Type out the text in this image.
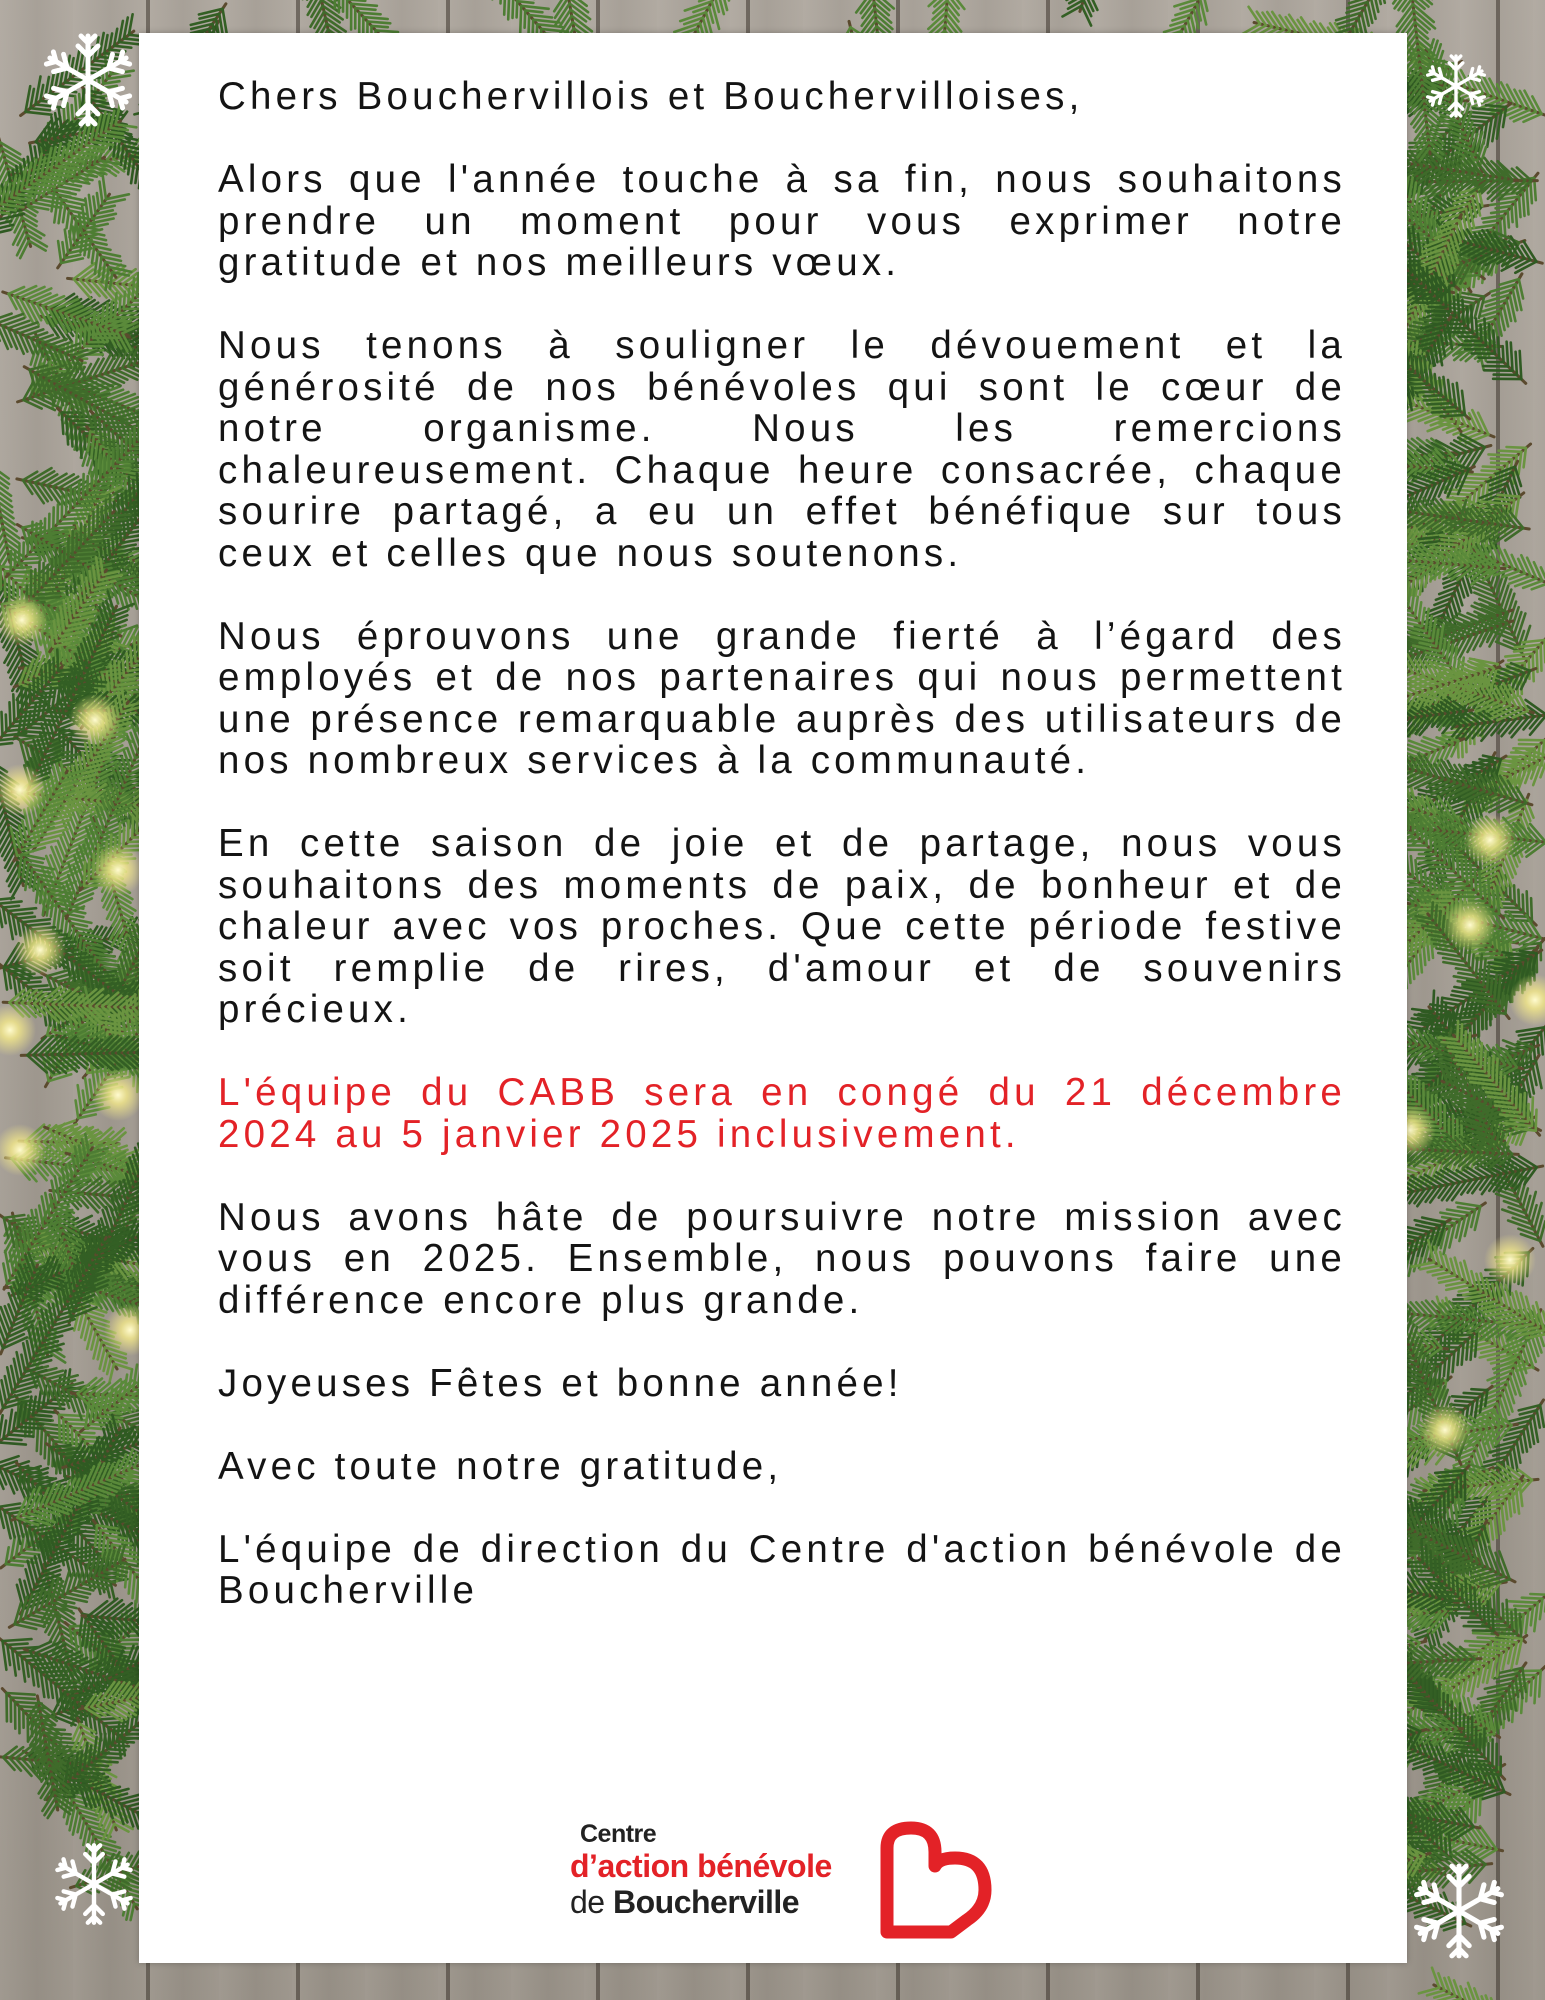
Chers Bouchervillois et Bouchervilloises,

Alors que l'année touche à sa fin, nous souhaitons prendre un moment pour vous exprimer notre gratitude et nos meilleurs vœux.

Nous tenons à souligner le dévouement et la générosité de nos bénévoles qui sont le cœur de notre organisme. Nous les remercions chaleureusement. Chaque heure consacrée, chaque sourire partagé, a eu un effet bénéfique sur tous ceux et celles que nous soutenons.

Nous éprouvons une grande fierté à l’égard des employés et de nos partenaires qui nous permettent une présence remarquable auprès des utilisateurs de nos nombreux services à la communauté.

En cette saison de joie et de partage, nous vous souhaitons des moments de paix, de bonheur et de chaleur avec vos proches. Que cette période festive soit remplie de rires, d'amour et de souvenirs précieux.

L'équipe du CABB sera en congé du 21 décembre 2024 au 5 janvier 2025 inclusivement.

Nous avons hâte de poursuivre notre mission avec vous en 2025. Ensemble, nous pouvons faire une différence encore plus grande.

Joyeuses Fêtes et bonne année!

Avec toute notre gratitude,

L'équipe de direction du Centre d'action bénévole de Boucherville

Centre
d’action bénévole
de Boucherville
